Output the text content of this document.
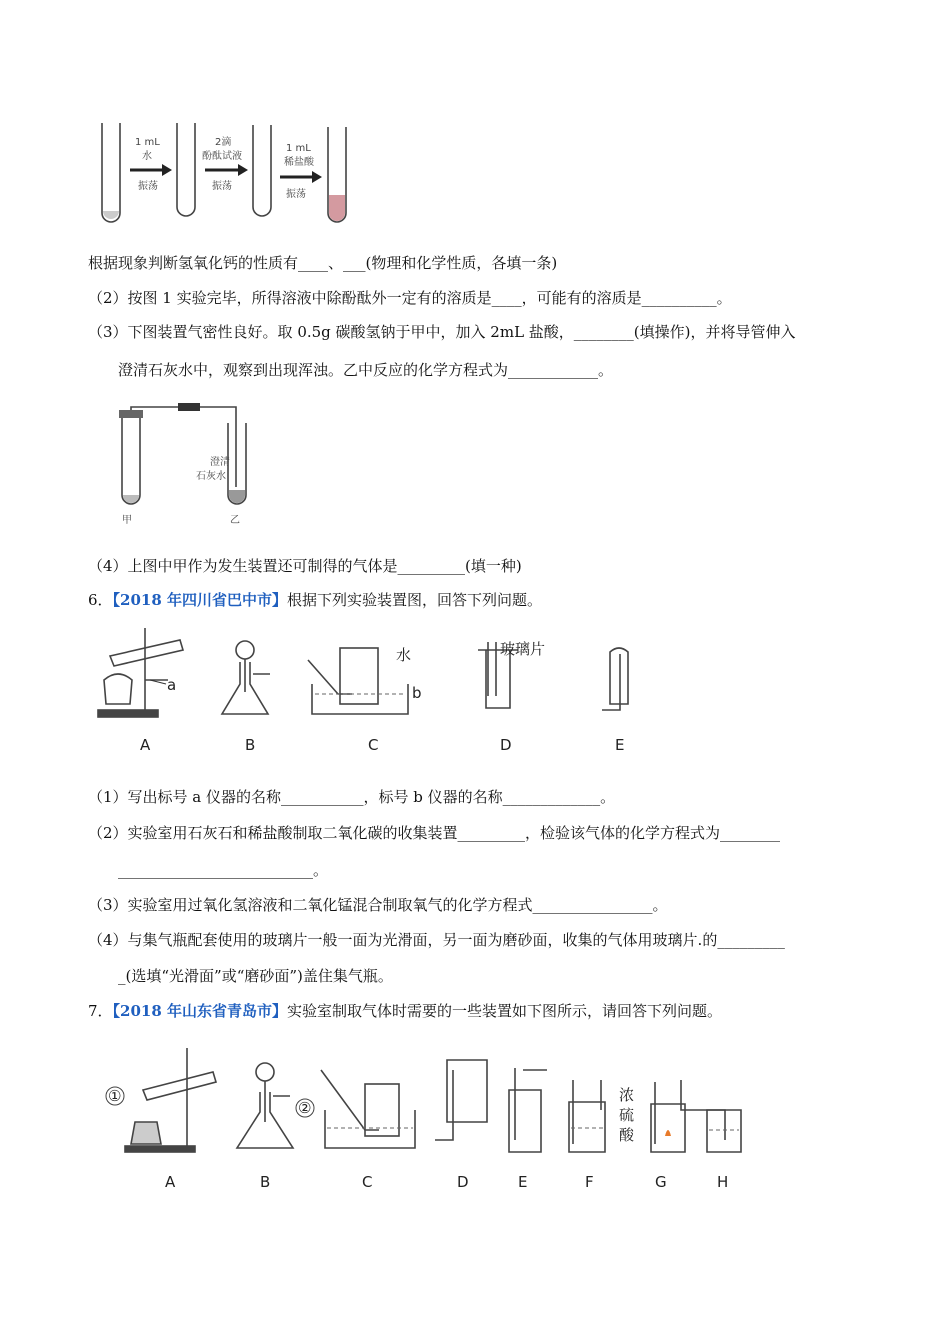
1 mL
水
振荡
2滴
酚酞试液
振荡
1 mL
稀盐酸
振荡
根据现象判断氢氧化钙的性质有____、___(物理和化学性质，各填一条)
（2）按图 1 实验完毕，所得溶液中除酚酞外一定有的溶质是____，可能有的溶质是__________。
（3）下图装置气密性良好。取 0.5g 碳酸氢钠于甲中，加入 2mL 盐酸，________(填操作)，并将导管伸入
澄清石灰水中，观察到出现浑浊。乙中反应的化学方程式为____________。
澄清
石灰水
甲	乙
（4）上图中甲作为发生装置还可制得的气体是_________(填一种)
6．【2018 年四川省巴中市】根据下列实验装置图，回答下列问题。
a	b
水	玻璃片
A	B	C	D	E
（1）写出标号 a 仪器的名称___________，标号 b 仪器的名称_____________。
（2）实验室用石灰石和稀盐酸制取二氧化碳的收集装置_________，检验该气体的化学方程式为________
__________________________。
（3）实验室用过氧化氢溶液和二氧化锰混合制取氧气的化学方程式________________。
（4）与集气瓶配套使用的玻璃片一般一面为光滑面，另一面为磨砂面，收集的气体用玻璃片.的_________
_(选填“光滑面”或“磨砂面”)盖住集气瓶。
7．【2018 年山东省青岛市】实验室制取气体时需要的一些装置如下图所示，请回答下列问题。
①
②
浓
硫
酸
A	B	C	D	E	F	G	H
